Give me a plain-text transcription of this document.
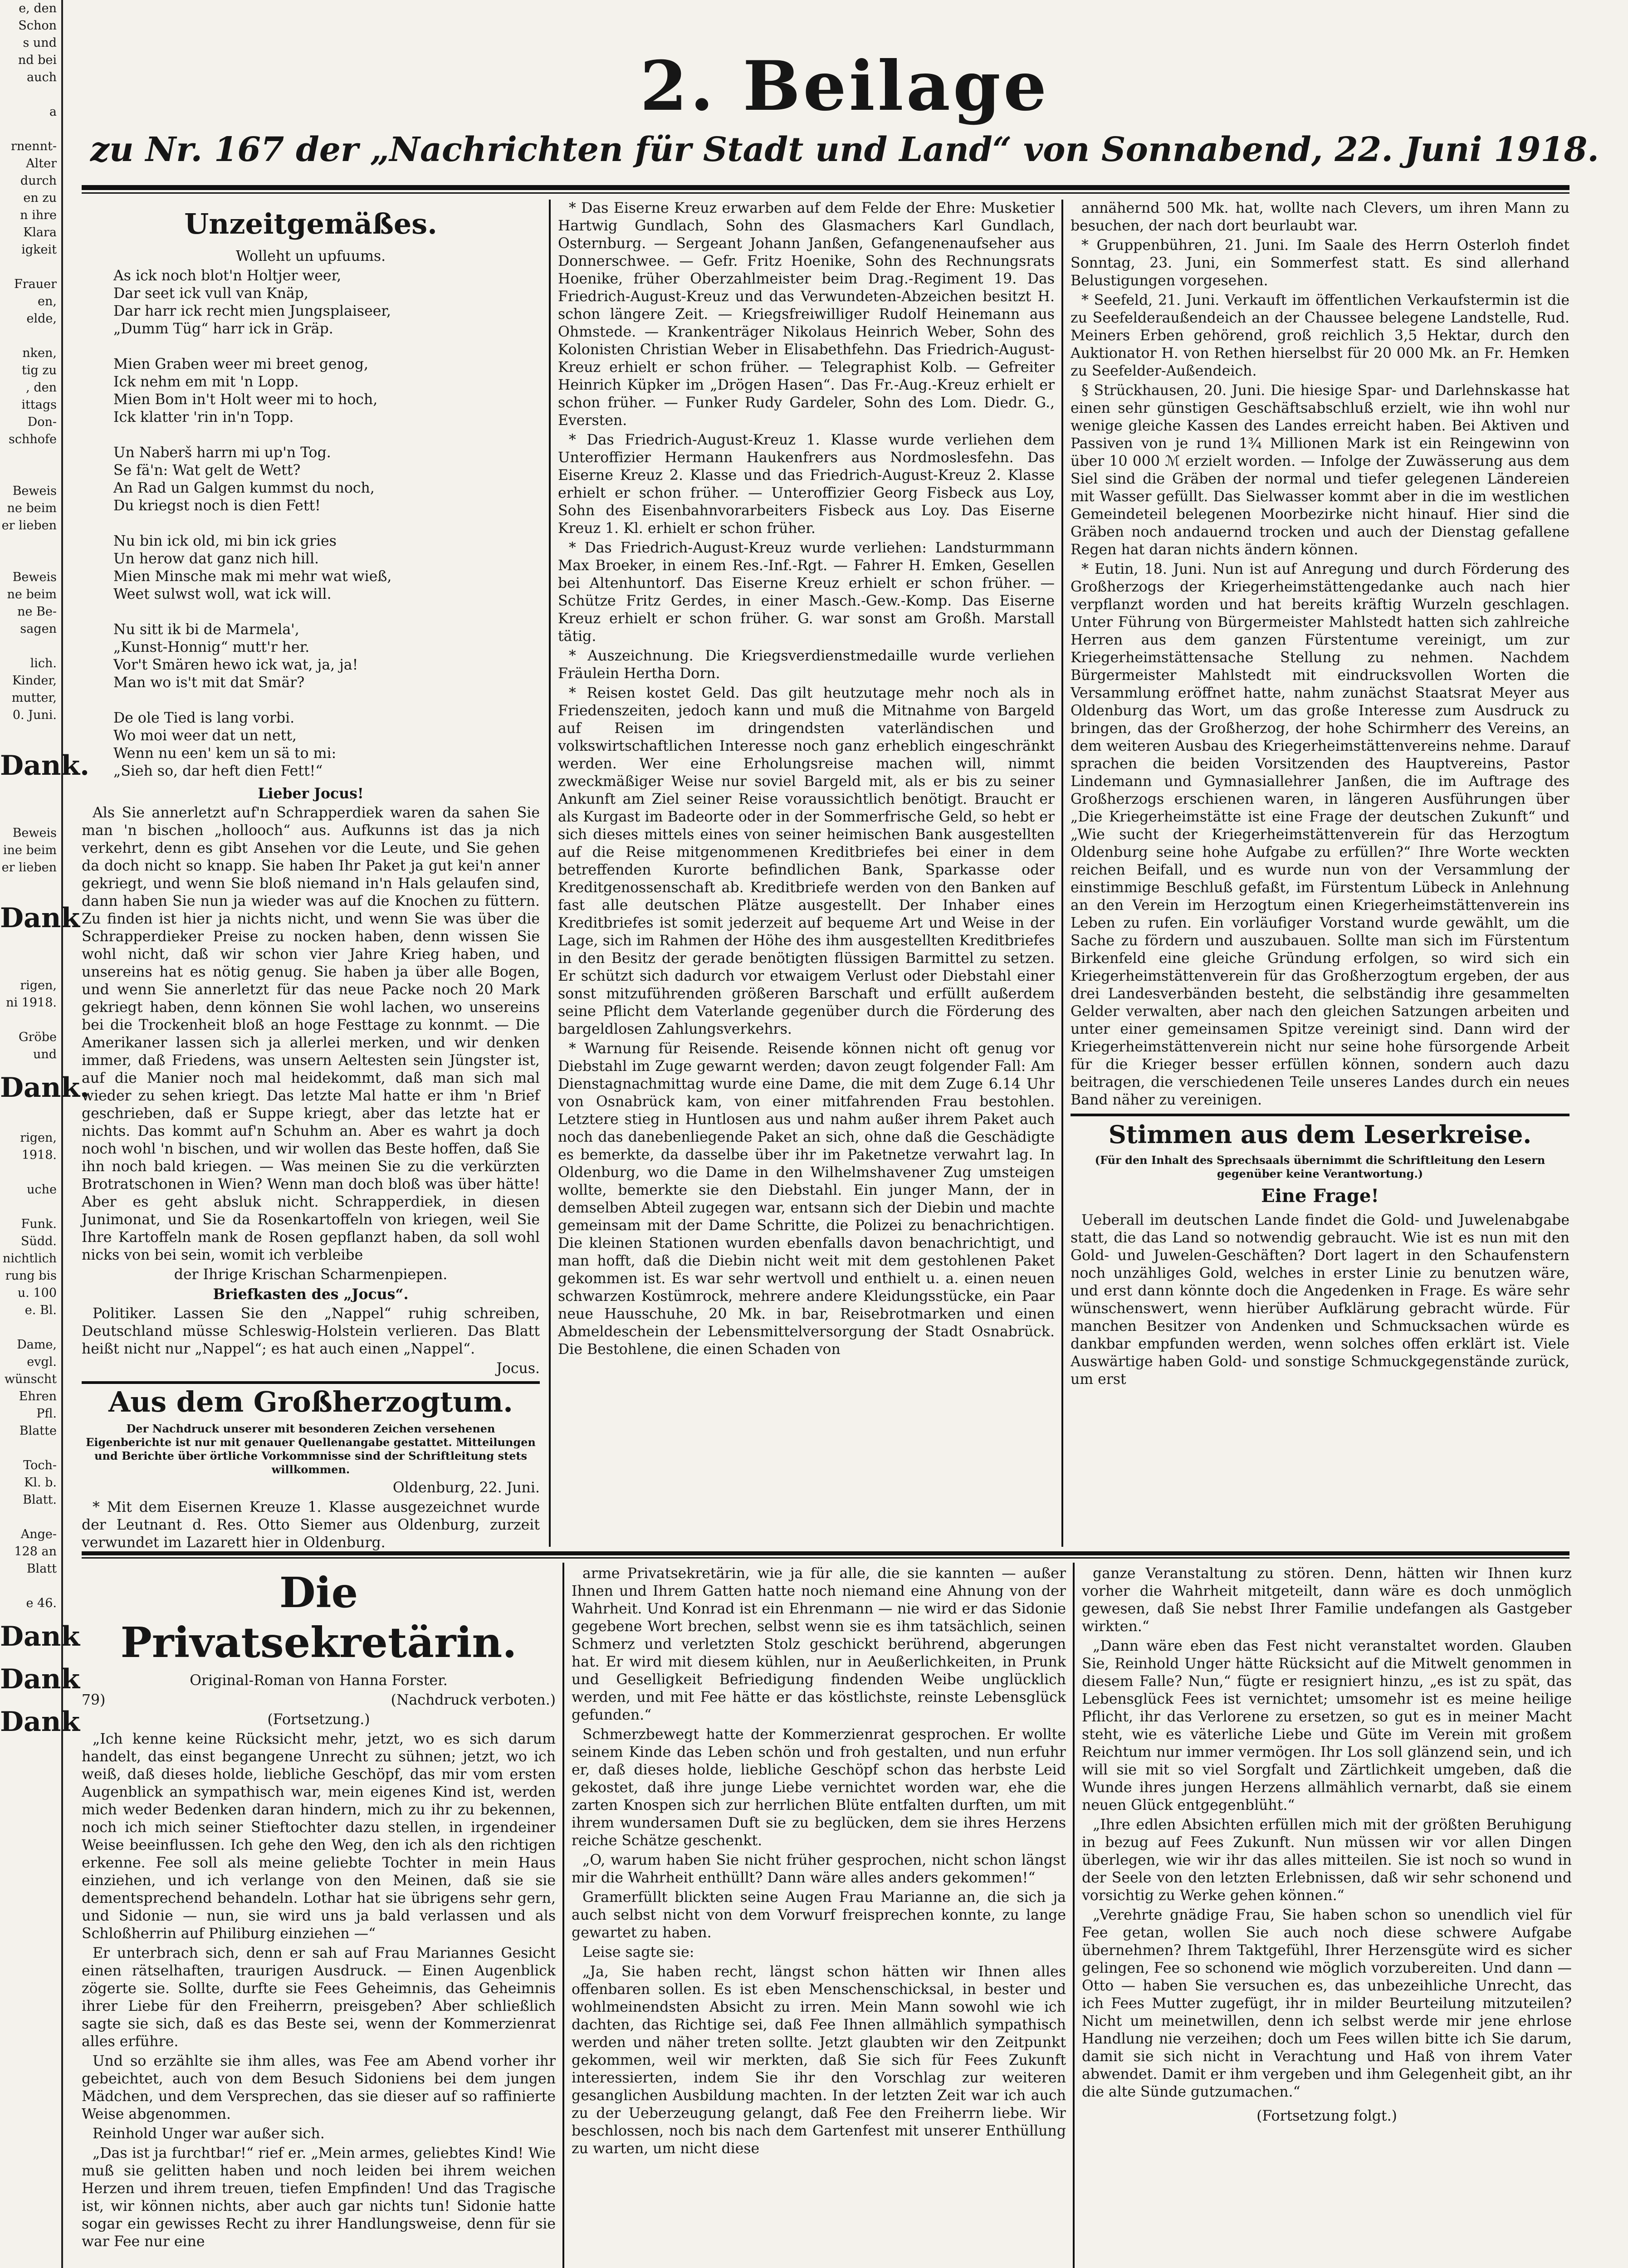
e, den
Schon
s und
nd bei
auch

a

rnennt-
Alter
durch
en zu
n ihre
Klara
igkeit

Frauer
en,
elde,

nken,
tig zu
, den
ittags
Don-
schhofe

Beweis
ne beim
er lieben

Beweis
ne beim
ne Be-
sagen

lich.
Kinder,
mutter,
0. Juni.

Dank.

Beweis
ine beim
er lieben

Dank

rigen,
ni 1918.

Gröbe
und
Dank.

rigen,
1918.

uche

Funk.
Südd.
nichtlich
rung bis
u. 100
e. Bl.

Dame,
evgl.
wünscht
Ehren
Pfl.
Blatte

Toch-
Kl. b.
Blatt.

Ange-
128 an
Blatt

e 46.
Dank
Dank
Dank
2. Beilage
zu Nr. 167 der „Nachrichten für Stadt und Land“ von Sonnabend, 22. Juni 1918.
Unzeitgemäßes.

Wolleht un upfuums.

As ick noch blot'n Holtjer weer,
Dar seet ick vull van Knäp,
Dar harr ick recht mien Jungsplaiseer,
„Dumm Tüg“ harr ick in Gräp.

Mien Graben weer mi breet genog,
Ick nehm em mit 'n Lopp.
Mien Bom in't Holt weer mi to hoch,
Ick klatter 'rin in'n Topp.

Un Naberš harrn mi up'n Tog.
Se fä'n: Wat gelt de Wett?
An Rad un Galgen kummst du noch,
Du kriegst noch is dien Fett!

Nu bin ick old, mi bin ick gries
Un herow dat ganz nich hill.
Mien Minsche mak mi mehr wat wieß,
Weet sulwst woll, wat ick will.

Nu sitt ik bi de Marmela',
„Kunst-Honnig“ mutt'r her.
Vor't Smären hewo ick wat, ja, ja!
Man wo is't mit dat Smär?

De ole Tied is lang vorbi.
Wo moi weer dat un nett,
Wenn nu een' kem un sä to mi:
„Sieh so, dar heft dien Fett!“

Lieber Jocus!

Als Sie annerletzt auf'n Schrapperdiek waren da sahen Sie man 'n bischen „hollooch“ aus. Aufkunns ist das ja nich verkehrt, denn es gibt Ansehen vor die Leute, und Sie gehen da doch nicht so knapp. Sie haben Ihr Paket ja gut kei'n anner gekriegt, und wenn Sie bloß niemand in'n Hals gelaufen sind, dann haben Sie nun ja wieder was auf die Knochen zu füttern. Zu finden ist hier ja nichts nicht, und wenn Sie was über die Schrapperdieker Preise zu nocken haben, denn wissen Sie wohl nicht, daß wir schon vier Jahre Krieg haben, und unsereins hat es nötig genug. Sie haben ja über alle Bogen, und wenn Sie annerletzt für das neue Packe noch 20 Mark gekriegt haben, denn können Sie wohl lachen, wo unsereins bei die Trockenheit bloß an hoge Festtage zu konnmt. — Die Amerikaner lassen sich ja allerlei merken, und wir denken immer, daß Friedens, was unsern Aeltesten sein Jüngster ist, auf die Manier noch mal heidekommt, daß man sich mal wieder zu sehen kriegt. Das letzte Mal hatte er ihm 'n Brief geschrieben, daß er Suppe kriegt, aber das letzte hat er nichts. Das kommt auf'n Schuhm an. Aber es wahrt ja doch noch wohl 'n bischen, und wir wollen das Beste hoffen, daß Sie ihn noch bald kriegen. — Was meinen Sie zu die verkürzten Brotratschonen in Wien? Wenn man doch bloß was über hätte! Aber es geht absluk nicht. Schrapperdiek, in diesen Junimonat, und Sie da Rosenkartoffeln von kriegen, weil Sie Ihre Kartoffeln mank de Rosen gepflanzt haben, da soll wohl nicks von bei sein, womit ich verbleibe

der Ihrige Krischan Scharmenpiepen.

Briefkasten des „Jocus“.

Politiker. Lassen Sie den „Nappel“ ruhig schreiben, Deutschland müsse Schleswig-Holstein verlieren. Das Blatt heißt nicht nur „Nappel“; es hat auch einen „Nappel“.

Jocus.

Aus dem Großherzogtum.

Der Nachdruck unserer mit besonderen Zeichen versehenen Eigenberichte ist nur mit genauer Quellenangabe gestattet. Mitteilungen und Berichte über örtliche Vorkommnisse sind der Schriftleitung stets willkommen.

Oldenburg, 22. Juni.

* Mit dem Eisernen Kreuze 1. Klasse ausgezeichnet wurde der Leutnant d. Res. Otto Siemer aus Oldenburg, zurzeit verwundet im Lazarett hier in Oldenburg.

* Das Eiserne Kreuz erwarben auf dem Felde der Ehre: Musketier Hartwig Gundlach, Sohn des Glasmachers Karl Gundlach, Osternburg. — Sergeant Johann Janßen, Gefangenenaufseher aus Donnerschwee. — Gefr. Fritz Hoenike, Sohn des Rechnungsrats Hoenike, früher Oberzahlmeister beim Drag.-Regiment 19. Das Friedrich-August-Kreuz und das Verwundeten-Abzeichen besitzt H. schon längere Zeit. — Kriegsfreiwilliger Rudolf Heinemann aus Ohmstede. — Krankenträger Nikolaus Heinrich Weber, Sohn des Kolonisten Christian Weber in Elisabethfehn. Das Friedrich-August-Kreuz erhielt er schon früher. — Telegraphist Kolb. — Gefreiter Heinrich Küpker im „Drögen Hasen“. Das Fr.-Aug.-Kreuz erhielt er schon früher. — Funker Rudy Gardeler, Sohn des Lom. Diedr. G., Eversten.

* Das Friedrich-August-Kreuz 1. Klasse wurde verliehen dem Unteroffizier Hermann Haukenfrers aus Nordmoslesfehn. Das Eiserne Kreuz 2. Klasse und das Friedrich-August-Kreuz 2. Klasse erhielt er schon früher. — Unteroffizier Georg Fisbeck aus Loy, Sohn des Eisenbahnvorarbeiters Fisbeck aus Loy. Das Eiserne Kreuz 1. Kl. erhielt er schon früher.

* Das Friedrich-August-Kreuz wurde verliehen: Landsturmmann Max Broeker, in einem Res.-Inf.-Rgt. — Fahrer H. Emken, Gesellen bei Altenhuntorf. Das Eiserne Kreuz erhielt er schon früher. — Schütze Fritz Gerdes, in einer Masch.-Gew.-Komp. Das Eiserne Kreuz erhielt er schon früher. G. war sonst am Großh. Marstall tätig.

* Auszeichnung. Die Kriegsverdienstmedaille wurde verliehen Fräulein Hertha Dorn.

* Reisen kostet Geld. Das gilt heutzutage mehr noch als in Friedenszeiten, jedoch kann und muß die Mitnahme von Bargeld auf Reisen im dringendsten vaterländischen und volkswirtschaftlichen Interesse noch ganz erheblich eingeschränkt werden. Wer eine Erholungsreise machen will, nimmt zweckmäßiger Weise nur soviel Bargeld mit, als er bis zu seiner Ankunft am Ziel seiner Reise voraussichtlich benötigt. Braucht er als Kurgast im Badeorte oder in der Sommerfrische Geld, so hebt er sich dieses mittels eines von seiner heimischen Bank ausgestellten auf die Reise mitgenommenen Kreditbriefes bei einer in dem betreffenden Kurorte befindlichen Bank, Sparkasse oder Kreditgenossenschaft ab. Kreditbriefe werden von den Banken auf fast alle deutschen Plätze ausgestellt. Der Inhaber eines Kreditbriefes ist somit jederzeit auf bequeme Art und Weise in der Lage, sich im Rahmen der Höhe des ihm ausgestellten Kreditbriefes in den Besitz der gerade benötigten flüssigen Barmittel zu setzen. Er schützt sich dadurch vor etwaigem Verlust oder Diebstahl einer sonst mitzuführenden größeren Barschaft und erfüllt außerdem seine Pflicht dem Vaterlande gegenüber durch die Förderung des bargeldlosen Zahlungsverkehrs.

* Warnung für Reisende. Reisende können nicht oft genug vor Diebstahl im Zuge gewarnt werden; davon zeugt folgender Fall: Am Dienstagnachmittag wurde eine Dame, die mit dem Zuge 6.14 Uhr von Osnabrück kam, von einer mitfahrenden Frau bestohlen. Letztere stieg in Huntlosen aus und nahm außer ihrem Paket auch noch das danebenliegende Paket an sich, ohne daß die Geschädigte es bemerkte, da dasselbe über ihr im Paketnetze verwahrt lag. In Oldenburg, wo die Dame in den Wilhelmshavener Zug umsteigen wollte, bemerkte sie den Diebstahl. Ein junger Mann, der in demselben Abteil zugegen war, entsann sich der Diebin und machte gemeinsam mit der Dame Schritte, die Polizei zu benachrichtigen. Die kleinen Stationen wurden ebenfalls davon benachrichtigt, und man hofft, daß die Diebin nicht weit mit dem gestohlenen Paket gekommen ist. Es war sehr wertvoll und enthielt u. a. einen neuen schwarzen Kostümrock, mehrere andere Kleidungsstücke, ein Paar neue Hausschuhe, 20 Mk. in bar, Reisebrotmarken und einen Abmeldeschein der Lebensmittelversorgung der Stadt Osnabrück. Die Bestohlene, die einen Schaden von

annähernd 500 Mk. hat, wollte nach Clevers, um ihren Mann zu besuchen, der nach dort beurlaubt war.

* Gruppenbühren, 21. Juni. Im Saale des Herrn Osterloh findet Sonntag, 23. Juni, ein Sommerfest statt. Es sind allerhand Belustigungen vorgesehen.

* Seefeld, 21. Juni. Verkauft im öffentlichen Verkaufstermin ist die zu Seefelderaußendeich an der Chaussee belegene Landstelle, Rud. Meiners Erben gehörend, groß reichlich 3,5 Hektar, durch den Auktionator H. von Rethen hierselbst für 20 000 Mk. an Fr. Hemken zu Seefelder-Außendeich.

§ Strückhausen, 20. Juni. Die hiesige Spar- und Darlehnskasse hat einen sehr günstigen Geschäftsabschluß erzielt, wie ihn wohl nur wenige gleiche Kassen des Landes erreicht haben. Bei Aktiven und Passiven von je rund 1¾ Millionen Mark ist ein Reingewinn von über 10 000 ℳ erzielt worden. — Infolge der Zuwässerung aus dem Siel sind die Gräben der normal und tiefer gelegenen Ländereien mit Wasser gefüllt. Das Sielwasser kommt aber in die im westlichen Gemeindeteil belegenen Moorbezirke nicht hinauf. Hier sind die Gräben noch andauernd trocken und auch der Dienstag gefallene Regen hat daran nichts ändern können.

* Eutin, 18. Juni. Nun ist auf Anregung und durch Förderung des Großherzogs der Kriegerheimstättengedanke auch nach hier verpflanzt worden und hat bereits kräftig Wurzeln geschlagen. Unter Führung von Bürgermeister Mahlstedt hatten sich zahlreiche Herren aus dem ganzen Fürstentume vereinigt, um zur Kriegerheimstättensache Stellung zu nehmen. Nachdem Bürgermeister Mahlstedt mit eindrucksvollen Worten die Versammlung eröffnet hatte, nahm zunächst Staatsrat Meyer aus Oldenburg das Wort, um das große Interesse zum Ausdruck zu bringen, das der Großherzog, der hohe Schirmherr des Vereins, an dem weiteren Ausbau des Kriegerheimstättenvereins nehme. Darauf sprachen die beiden Vorsitzenden des Hauptvereins, Pastor Lindemann und Gymnasiallehrer Janßen, die im Auftrage des Großherzogs erschienen waren, in längeren Ausführungen über „Die Kriegerheimstätte ist eine Frage der deutschen Zukunft“ und „Wie sucht der Kriegerheimstättenverein für das Herzogtum Oldenburg seine hohe Aufgabe zu erfüllen?“ Ihre Worte weckten reichen Beifall, und es wurde nun von der Versammlung der einstimmige Beschluß gefaßt, im Fürstentum Lübeck in Anlehnung an den Verein im Herzogtum einen Kriegerheimstättenverein ins Leben zu rufen. Ein vorläufiger Vorstand wurde gewählt, um die Sache zu fördern und auszubauen. Sollte man sich im Fürstentum Birkenfeld eine gleiche Gründung erfolgen, so wird sich ein Kriegerheimstättenverein für das Großherzogtum ergeben, der aus drei Landesverbänden besteht, die selbständig ihre gesammelten Gelder verwalten, aber nach den gleichen Satzungen arbeiten und unter einer gemeinsamen Spitze vereinigt sind. Dann wird der Kriegerheimstättenverein nicht nur seine hohe fürsorgende Arbeit für die Krieger besser erfüllen können, sondern auch dazu beitragen, die verschiedenen Teile unseres Landes durch ein neues Band näher zu vereinigen.

Stimmen aus dem Leserkreise.

(Für den Inhalt des Sprechsaals übernimmt die Schriftleitung den Lesern gegenüber keine Verantwortung.)

Eine Frage!

Ueberall im deutschen Lande findet die Gold- und Juwelenabgabe statt, die das Land so notwendig gebraucht. Wie ist es nun mit den Gold- und Juwelen-Geschäften? Dort lagert in den Schaufenstern noch unzähliges Gold, welches in erster Linie zu benutzen wäre, und erst dann könnte doch die Angedenken in Frage. Es wäre sehr wünschenswert, wenn hierüber Aufklärung gebracht würde. Für manchen Besitzer von Andenken und Schmucksachen würde es dankbar empfunden werden, wenn solches offen erklärt ist. Viele Auswärtige haben Gold- und sonstige Schmuckgegenstände zurück, um erst

Die Privatsekretärin.

Original-Roman von Hanna Forster.

79)	(Nachdruck verboten.)

(Fortsetzung.)

„Ich kenne keine Rücksicht mehr, jetzt, wo es sich darum handelt, das einst begangene Unrecht zu sühnen; jetzt, wo ich weiß, daß dieses holde, liebliche Geschöpf, das mir vom ersten Augenblick an sympathisch war, mein eigenes Kind ist, werden mich weder Bedenken daran hindern, mich zu ihr zu bekennen, noch ich mich seiner Stieftochter dazu stellen, in irgendeiner Weise beeinflussen. Ich gehe den Weg, den ich als den richtigen erkenne. Fee soll als meine geliebte Tochter in mein Haus einziehen, und ich verlange von den Meinen, daß sie sie dementsprechend behandeln. Lothar hat sie übrigens sehr gern, und Sidonie — nun, sie wird uns ja bald verlassen und als Schloßherrin auf Philiburg einziehen —“

Er unterbrach sich, denn er sah auf Frau Mariannes Gesicht einen rätselhaften, traurigen Ausdruck. — Einen Augenblick zögerte sie. Sollte, durfte sie Fees Geheimnis, das Geheimnis ihrer Liebe für den Freiherrn, preisgeben? Aber schließlich sagte sie sich, daß es das Beste sei, wenn der Kommerzienrat alles erführe.

Und so erzählte sie ihm alles, was Fee am Abend vorher ihr gebeichtet, auch von dem Besuch Sidoniens bei dem jungen Mädchen, und dem Versprechen, das sie dieser auf so raffinierte Weise abgenommen.

Reinhold Unger war außer sich.

„Das ist ja furchtbar!“ rief er. „Mein armes, geliebtes Kind! Wie muß sie gelitten haben und noch leiden bei ihrem weichen Herzen und ihrem treuen, tiefen Empfinden! Und das Tragische ist, wir können nichts, aber auch gar nichts tun! Sidonie hatte sogar ein gewisses Recht zu ihrer Handlungsweise, denn für sie war Fee nur eine

arme Privatsekretärin, wie ja für alle, die sie kannten — außer Ihnen und Ihrem Gatten hatte noch niemand eine Ahnung von der Wahrheit. Und Konrad ist ein Ehrenmann — nie wird er das Sidonie gegebene Wort brechen, selbst wenn sie es ihm tatsächlich, seinen Schmerz und verletzten Stolz geschickt berührend, abgerungen hat. Er wird mit diesem kühlen, nur in Aeußerlichkeiten, in Prunk und Geselligkeit Befriedigung findenden Weibe unglücklich werden, und mit Fee hätte er das köstlichste, reinste Lebensglück gefunden.“

Schmerzbewegt hatte der Kommerzienrat gesprochen. Er wollte seinem Kinde das Leben schön und froh gestalten, und nun erfuhr er, daß dieses holde, liebliche Geschöpf schon das herbste Leid gekostet, daß ihre junge Liebe vernichtet worden war, ehe die zarten Knospen sich zur herrlichen Blüte entfalten durften, um mit ihrem wundersamen Duft sie zu beglücken, dem sie ihres Herzens reiche Schätze geschenkt.

„O, warum haben Sie nicht früher gesprochen, nicht schon längst mir die Wahrheit enthüllt? Dann wäre alles anders gekommen!“

Gramerfüllt blickten seine Augen Frau Marianne an, die sich ja auch selbst nicht von dem Vorwurf freisprechen konnte, zu lange gewartet zu haben.

Leise sagte sie:

„Ja, Sie haben recht, längst schon hätten wir Ihnen alles offenbaren sollen. Es ist eben Menschenschicksal, in bester und wohlmeinendsten Absicht zu irren. Mein Mann sowohl wie ich dachten, das Richtige sei, daß Fee Ihnen allmählich sympathisch werden und näher treten sollte. Jetzt glaubten wir den Zeitpunkt gekommen, weil wir merkten, daß Sie sich für Fees Zukunft interessierten, indem Sie ihr den Vorschlag zur weiteren gesanglichen Ausbildung machten. In der letzten Zeit war ich auch zu der Ueberzeugung gelangt, daß Fee den Freiherrn liebe. Wir beschlossen, noch bis nach dem Gartenfest mit unserer Enthüllung zu warten, um nicht diese

ganze Veranstaltung zu stören. Denn, hätten wir Ihnen kurz vorher die Wahrheit mitgeteilt, dann wäre es doch unmöglich gewesen, daß Sie nebst Ihrer Familie undefangen als Gastgeber wirkten.“

„Dann wäre eben das Fest nicht veranstaltet worden. Glauben Sie, Reinhold Unger hätte Rücksicht auf die Mitwelt genommen in diesem Falle? Nun,“ fügte er resigniert hinzu, „es ist zu spät, das Lebensglück Fees ist vernichtet; umsomehr ist es meine heilige Pflicht, ihr das Verlorene zu ersetzen, so gut es in meiner Macht steht, wie es väterliche Liebe und Güte im Verein mit großem Reichtum nur immer vermögen. Ihr Los soll glänzend sein, und ich will sie mit so viel Sorgfalt und Zärtlichkeit umgeben, daß die Wunde ihres jungen Herzens allmählich vernarbt, daß sie einem neuen Glück entgegenblüht.“

„Ihre edlen Absichten erfüllen mich mit der größten Beruhigung in bezug auf Fees Zukunft. Nun müssen wir vor allen Dingen überlegen, wie wir ihr das alles mitteilen. Sie ist noch so wund in der Seele von den letzten Erlebnissen, daß wir sehr schonend und vorsichtig zu Werke gehen können.“

„Verehrte gnädige Frau, Sie haben schon so unendlich viel für Fee getan, wollen Sie auch noch diese schwere Aufgabe übernehmen? Ihrem Taktgefühl, Ihrer Herzensgüte wird es sicher gelingen, Fee so schonend wie möglich vorzubereiten. Und dann — Otto — haben Sie versuchen es, das unbezeihliche Unrecht, das ich Fees Mutter zugefügt, ihr in milder Beurteilung mitzuteilen? Nicht um meinetwillen, denn ich selbst werde mir jene ehrlose Handlung nie verzeihen; doch um Fees willen bitte ich Sie darum, damit sie sich nicht in Verachtung und Haß von ihrem Vater abwendet. Damit er ihm vergeben und ihm Gelegenheit gibt, an ihr die alte Sünde gutzumachen.“

(Fortsetzung folgt.)
